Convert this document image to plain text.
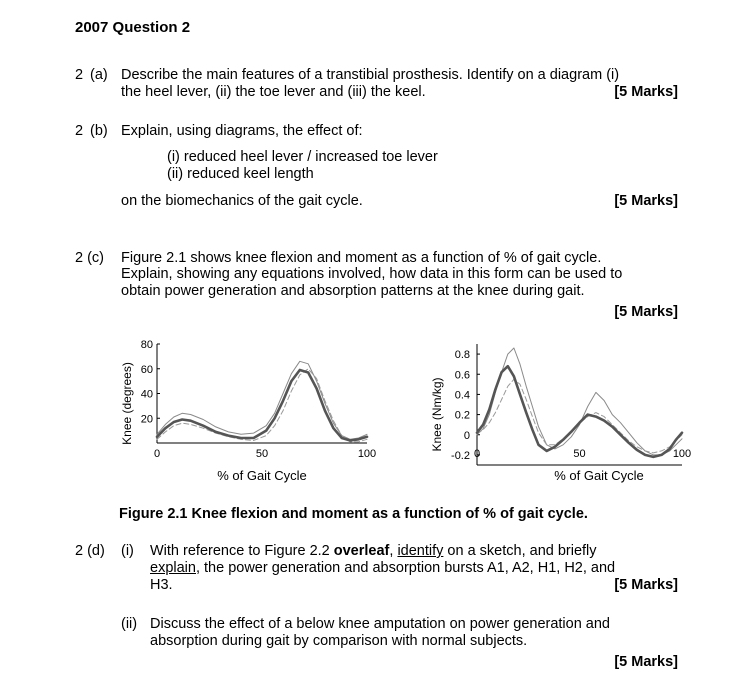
2007 Question 2
2 (a) Describe the main features of a transtibial prosthesis. Identify on a diagram (i)
the heel lever, (ii) the toe lever and (iii) the keel.	[5 Marks]
2 (b) Explain, using diagrams, the effect of:
(i) reduced heel lever / increased toe lever
(ii) reduced keel length
on the biomechanics of the gait cycle.	[5 Marks]
2 (c) Figure 2.1 shows knee flexion and moment as a function of % of gait cycle.
Explain, showing any equations involved, how data in this form can be used to
obtain power generation and absorption patterns at the knee during gait.
[5 Marks]
80
60
40
20
0	50	100
% of Gait Cycle
Knee (degrees)
0.8
0.6
0.4
0.2
0
-0.2 0	50	100
% of Gait Cycle
Knee (Nm/kg)
Figure 2.1 Knee flexion and moment as a function of % of gait cycle.
2 (d) (i) With reference to Figure 2.2 overleaf, identify on a sketch, and briefly
explain, the power generation and absorption bursts A1, A2, H1, H2, and
H3.	[5 Marks]
(ii) Discuss the effect of a below knee amputation on power generation and
absorption during gait by comparison with normal subjects.
[5 Marks]
